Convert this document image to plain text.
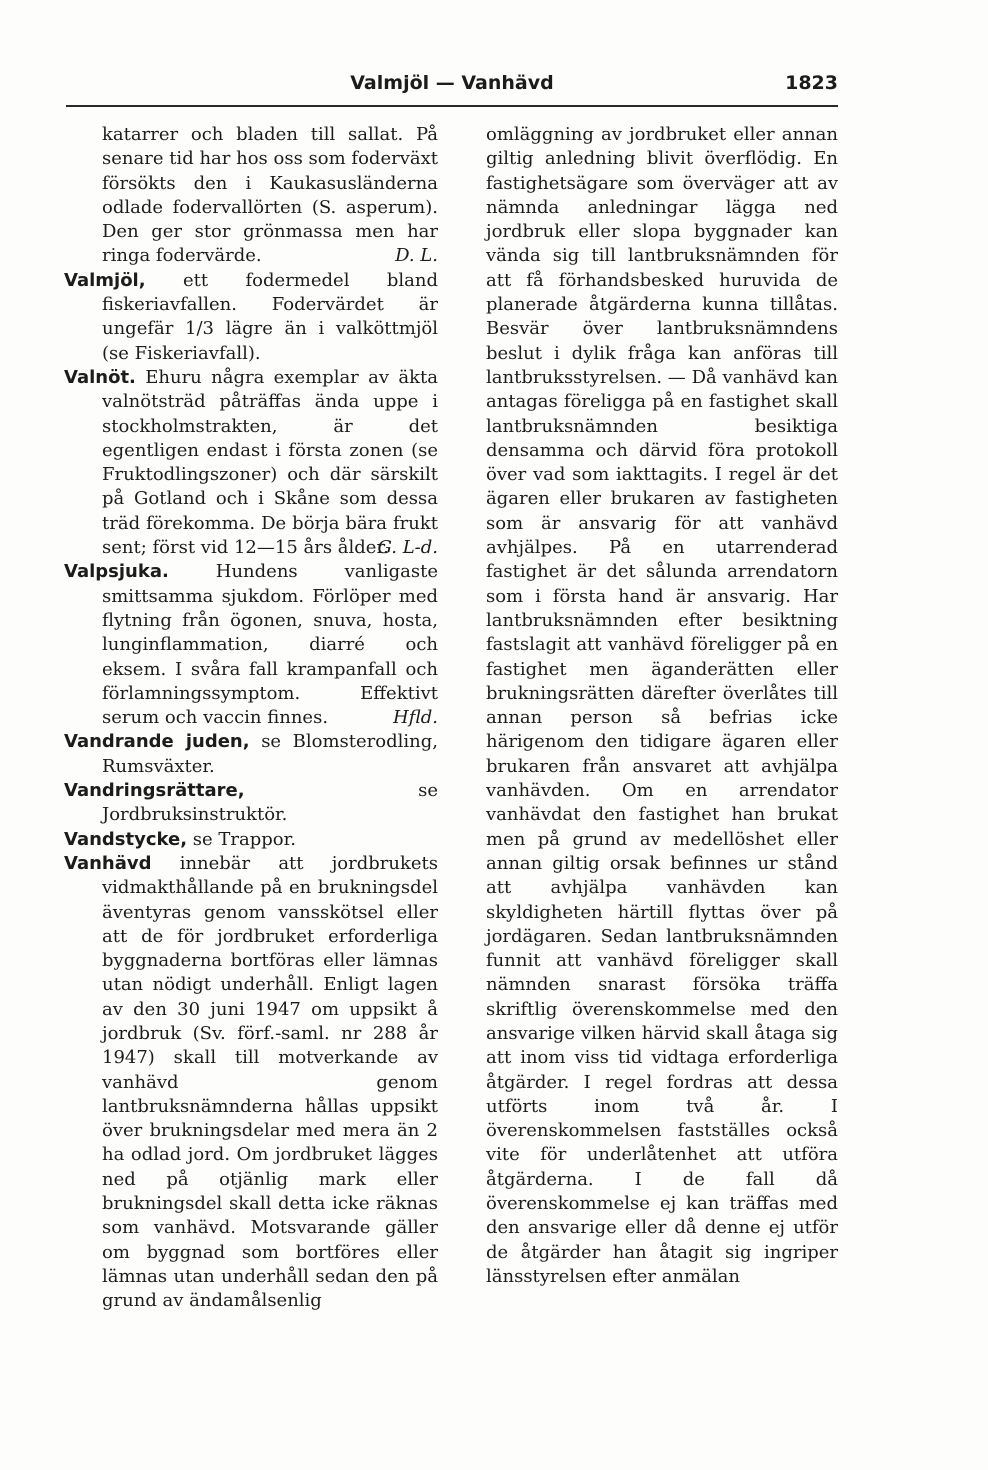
Valmjöl — Vanhävd	1823

katarrer och bladen till sallat. På senare tid har hos oss som foderväxt försökts den i Kaukasusländerna odlade fodervallörten (S. asperum). Den ger stor grönmassa men har ringa fodervärde.	D. L.

Valmjöl, ett fodermedel bland fiskeriavfallen. Fodervärdet är ungefär 1/3 lägre än i valköttmjöl (se Fiskeriavfall).

Valnöt. Ehuru några exemplar av äkta valnötsträd påträffas ända uppe i stockholmstrakten, är det egentligen endast i första zonen (se Fruktodlingszoner) och där särskilt på Gotland och i Skåne som dessa träd förekomma. De börja bära frukt sent; först vid 12—15 års ålder.
G. L-d.

Valpsjuka.	Hundens vanligaste smittsamma sjukdom. Förlöper med flytning från ögonen, snuva, hosta, lunginflammation, diarré och eksem. I svåra fall krampanfall och förlamningssymptom. Effektivt serum och vaccin finnes.	Hfld.

Vandrande juden, se Blomsterodling, Rumsväxter.

Vandringsrättare,	se Jordbruksinstruktör.

Vandstycke, se Trappor.

Vanhävd innebär att jordbrukets vidmakthållande på en brukningsdel äventyras genom vansskötsel eller att de för jordbruket erforderliga byggnaderna bortföras eller lämnas utan nödigt underhåll. Enligt lagen av den 30 juni 1947 om uppsikt å jordbruk (Sv. förf.-saml. nr 288 år 1947) skall till motverkande av vanhävd genom lantbruksnämnderna hållas uppsikt över brukningsdelar med mera än 2 ha odlad jord. Om jordbruket lägges ned på otjänlig mark eller brukningsdel skall detta icke räknas som vanhävd. Motsvarande gäller om byggnad som bortföres eller lämnas utan underhåll sedan den på grund av ändamålsenlig

omläggning av jordbruket eller annan giltig anledning blivit överflödig. En fastighetsägare som överväger att av nämnda anledningar lägga ned jordbruk eller slopa byggnader kan vända sig till lantbruksnämnden för att få förhandsbesked huruvida de planerade åtgärderna kunna tillåtas. Besvär över lantbruksnämndens beslut i dylik fråga kan anföras till lantbruksstyrelsen. — Då vanhävd kan antagas föreligga på en fastighet skall lantbruksnämnden besiktiga densamma och därvid föra protokoll över vad som iakttagits. I regel är det ägaren eller brukaren av fastigheten som är ansvarig för att vanhävd avhjälpes. På en utarrenderad fastighet är det sålunda arrendatorn som i första hand är ansvarig. Har lantbruksnämnden efter besiktning fastslagit att vanhävd föreligger på en fastighet men äganderätten eller brukningsrätten därefter överlåtes till annan person så befrias icke härigenom den tidigare ägaren eller brukaren från ansvaret att avhjälpa vanhävden. Om en arrendator vanhävdat den fastighet han brukat men på grund av medellöshet eller annan giltig orsak befinnes ur stånd att avhjälpa vanhävden kan skyldigheten härtill flyttas över på jordägaren. Sedan lantbruksnämnden funnit att vanhävd föreligger skall nämnden snarast försöka träffa skriftlig överenskommelse med den ansvarige vilken härvid skall åtaga sig att inom viss tid vidtaga erforderliga åtgärder. I regel fordras att dessa utförts inom två år. I överenskommelsen fastställes också vite för underlåtenhet att utföra åtgärderna. I de fall då överenskommelse ej kan träffas med den ansvarige eller då denne ej utför de åtgärder han åtagit sig ingriper länsstyrelsen efter anmälan
